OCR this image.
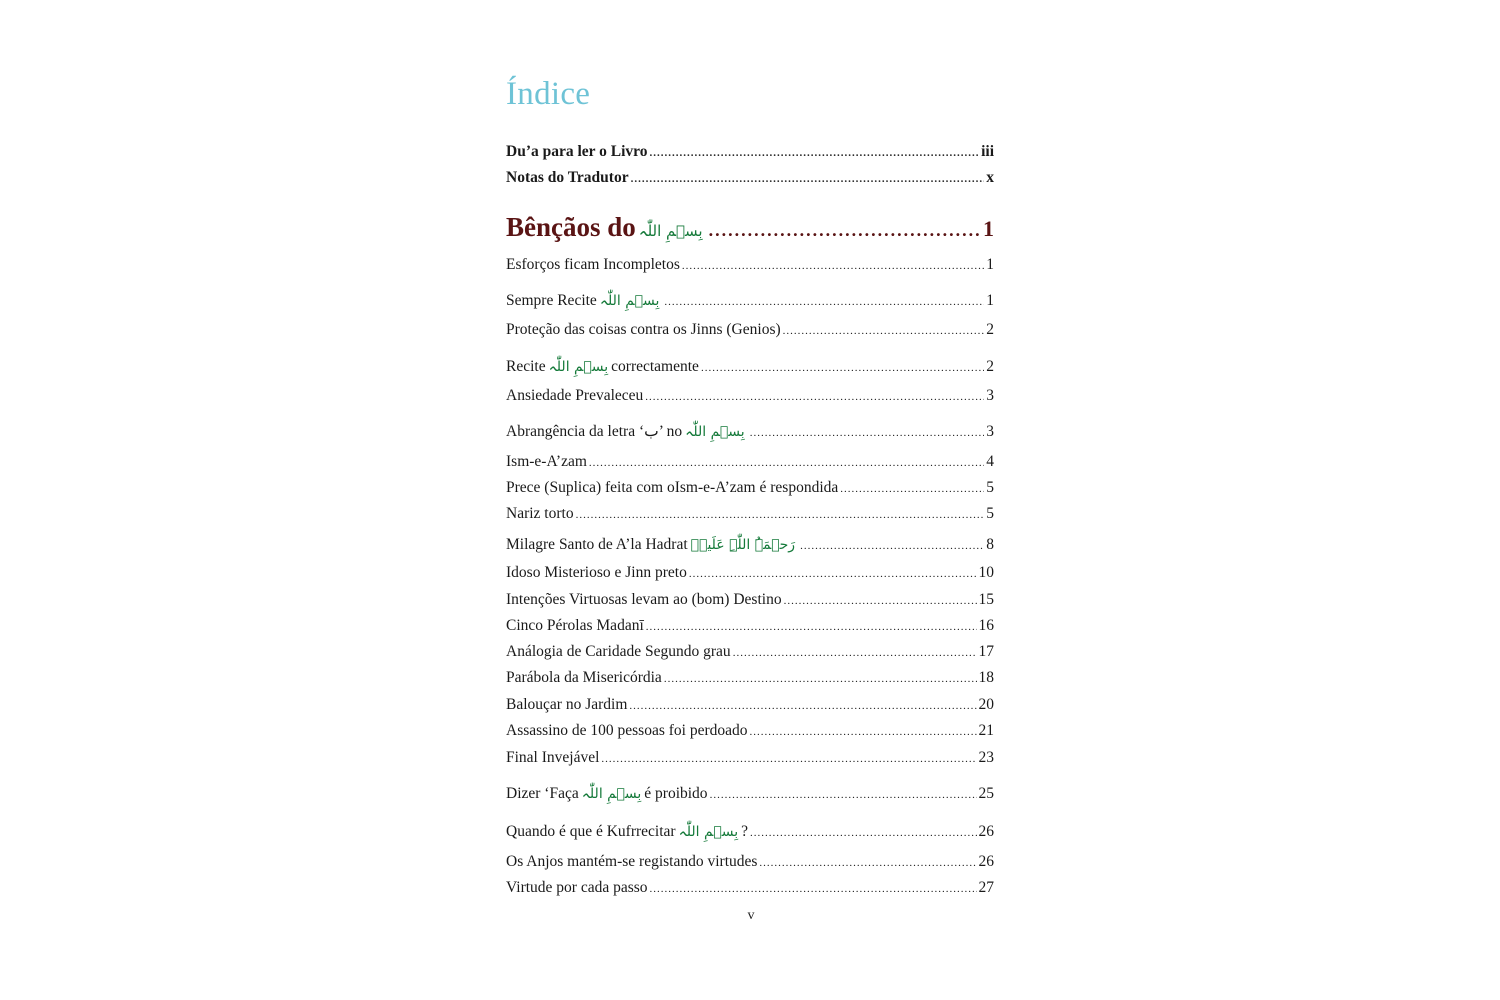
Índice
Du’a para ler o Livro .....	iii
Notas do Tradutor .....	x
Bênçãos do بِسۡمِ اللّٰہ .....	1
Esforços ficam Incompletos .....	1
Sempre Recite بِسۡمِ اللّٰہ .....	1
Proteção das coisas contra os Jinns (Genios) .....	2
Recite بِسۡمِ اللّٰہ correctamente .....	2
Ansiedade Prevaleceu .....	3
Abrangência da letra ‘ب’ no بِسۡمِ اللّٰہ .....	3
Ism-e-A’zam .....	4
Prece (Suplica) feita com oIsm-e-A’zam é respondida .....	5
Nariz torto .....	5
Milagre Santo de A’la Hadrat رَحۡمَۃُ اللّٰہِ عَلَیۡہ .....	8
Idoso Misterioso e Jinn preto .....	10
Intenções Virtuosas levam ao (bom) Destino .....	15
Cinco Pérolas Madanī .....	16
Análogia de Caridade Segundo grau .....	17
Parábola da Misericórdia .....	18
Balouçar no Jardim .....	20
Assassino de 100 pessoas foi perdoado .....	21
Final Invejável .....	23
Dizer ‘Faça بِسۡمِ اللّٰہ é proibido .....	25
Quando é que é Kufrrecitar بِسۡمِ اللّٰہ ? .....	26
Os Anjos mantém-se registando virtudes .....	26
Virtude por cada passo .....	27
v
